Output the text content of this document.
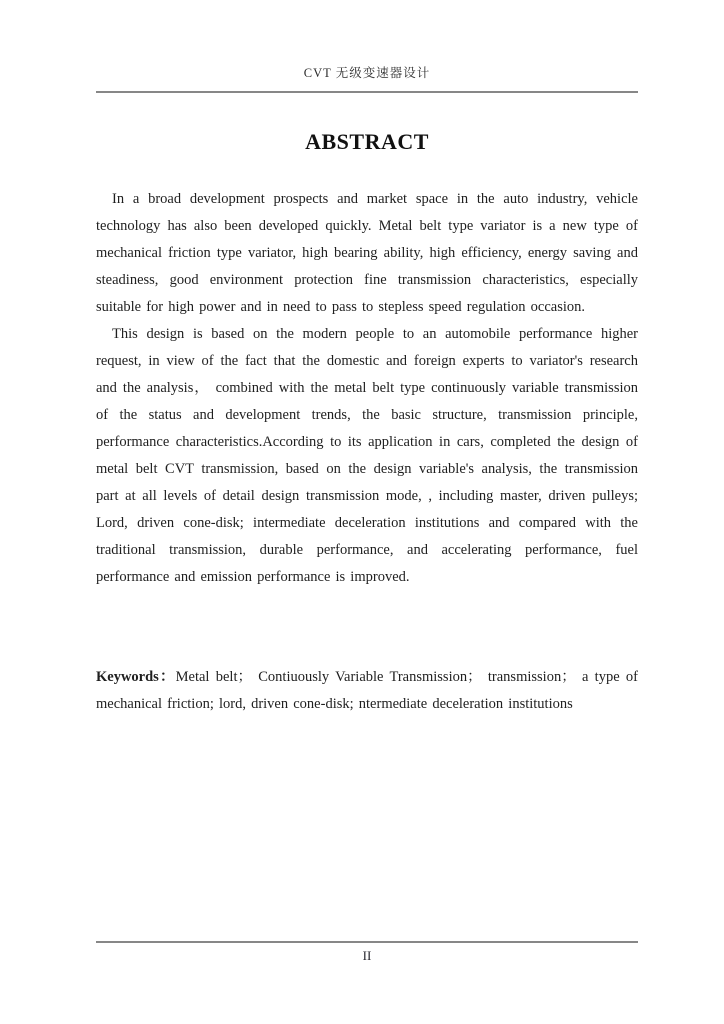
CVT 无级变速器设计
ABSTRACT

In a broad development prospects and market space in the auto industry, vehicle technology has also been developed quickly. Metal belt type variator is a new type of mechanical friction type variator, high bearing ability, high efficiency, energy saving and steadiness, good environment protection fine transmission characteristics, especially suitable for high power and in need to pass to stepless speed regulation occasion.

This design is based on the modern people to an automobile performance higher request, in view of the fact that the domestic and foreign experts to variator's research and the analysis， combined with the metal belt type continuously variable transmission of the status and development trends, the basic structure, transmission principle, performance characteristics.According to its application in cars, completed the design of metal belt CVT transmission, based on the design variable's analysis, the transmission part at all levels of detail design transmission mode, , including master, driven pulleys; Lord, driven cone-disk; intermediate deceleration institutions and compared with the traditional transmission, durable performance, and accelerating performance, fuel performance and emission performance is improved.

Keywords：Metal belt； Contiuously Variable Transmission； transmission； a type of mechanical friction; lord, driven cone-disk; ntermediate deceleration institutions

II
